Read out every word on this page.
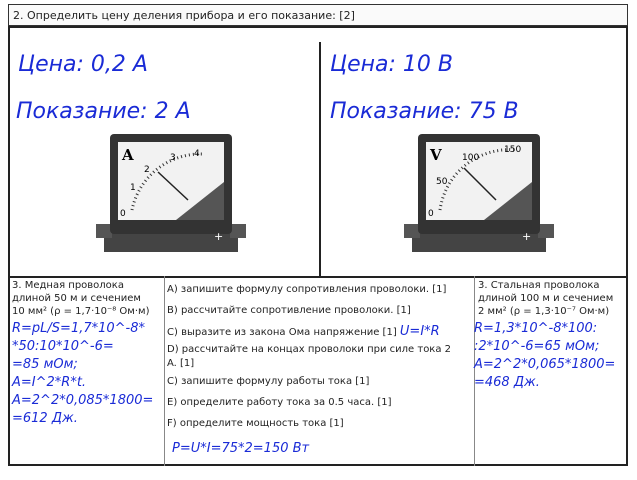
2. Определить цену деления прибора и его показание: [2]
Цена: 0,2 А	Цена: 10 В
Показание: 2 А	Показание: 75 В
A
0
1
2
3 4
+
V
0
50
100
150
+
3. Медная проволока
длиной 50 м и сечением
10 мм² (ρ = 1,7·10⁻⁸ Ом·м)
R=pL/S=1,7*10^-8*
*50:10*10^-6=
=85 мОм;
A=I^2*R*t.
A=2^2*0,085*1800=
=612 Дж.
A) запишите формулу сопротивления проволоки. [1]
B) рассчитайте сопротивление проволоки. [1]
C) выразите из закона Ома напряжение [1] U=I*R
D) рассчитайте на концах проволоки при силе тока 2
A. [1]
C) запишите формулу работы тока [1]
E) определите работу тока за 0.5 часа. [1]
F) определите мощность тока [1]
P=U*I=75*2=150 Вт
3. Стальная проволока
длиной 100 м и сечением
2 мм² (ρ = 1,3·10⁻⁷ Ом·м)
R=1,3*10^-8*100:
:2*10^-6=65 мОм;
A=2^2*0,065*1800=
=468 Дж.
